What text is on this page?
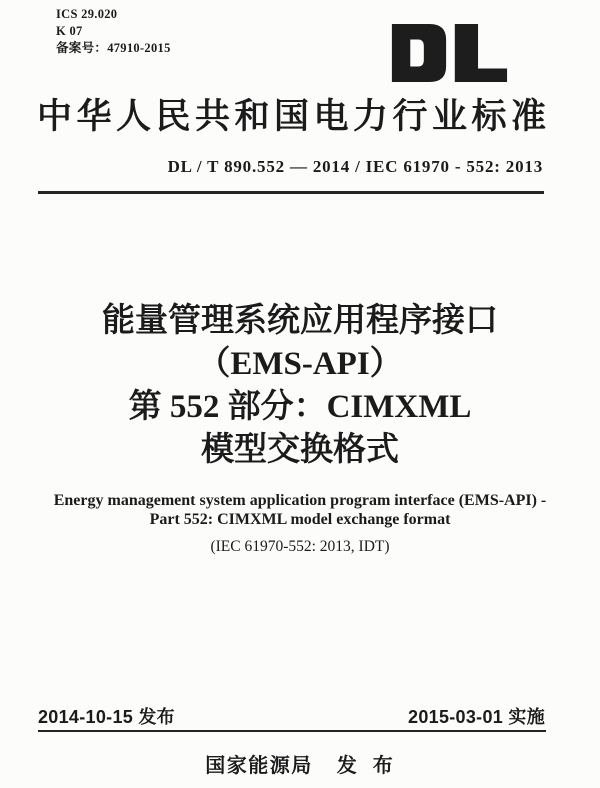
ICS 29.020
K 07
备案号：47910-2015
中华人民共和国电力行业标准
DL / T 890.552 — 2014 / IEC 61970 - 552: 2013
能量管理系统应用程序接口
（EMS-API）
第 552 部分：CIMXML
模型交换格式
Energy management system application program interface (EMS-API) -
Part 552: CIMXML model exchange format
(IEC 61970-552: 2013, IDT)
2014-10-15 发布	2015-03-01 实施
国家能源局 发 布
